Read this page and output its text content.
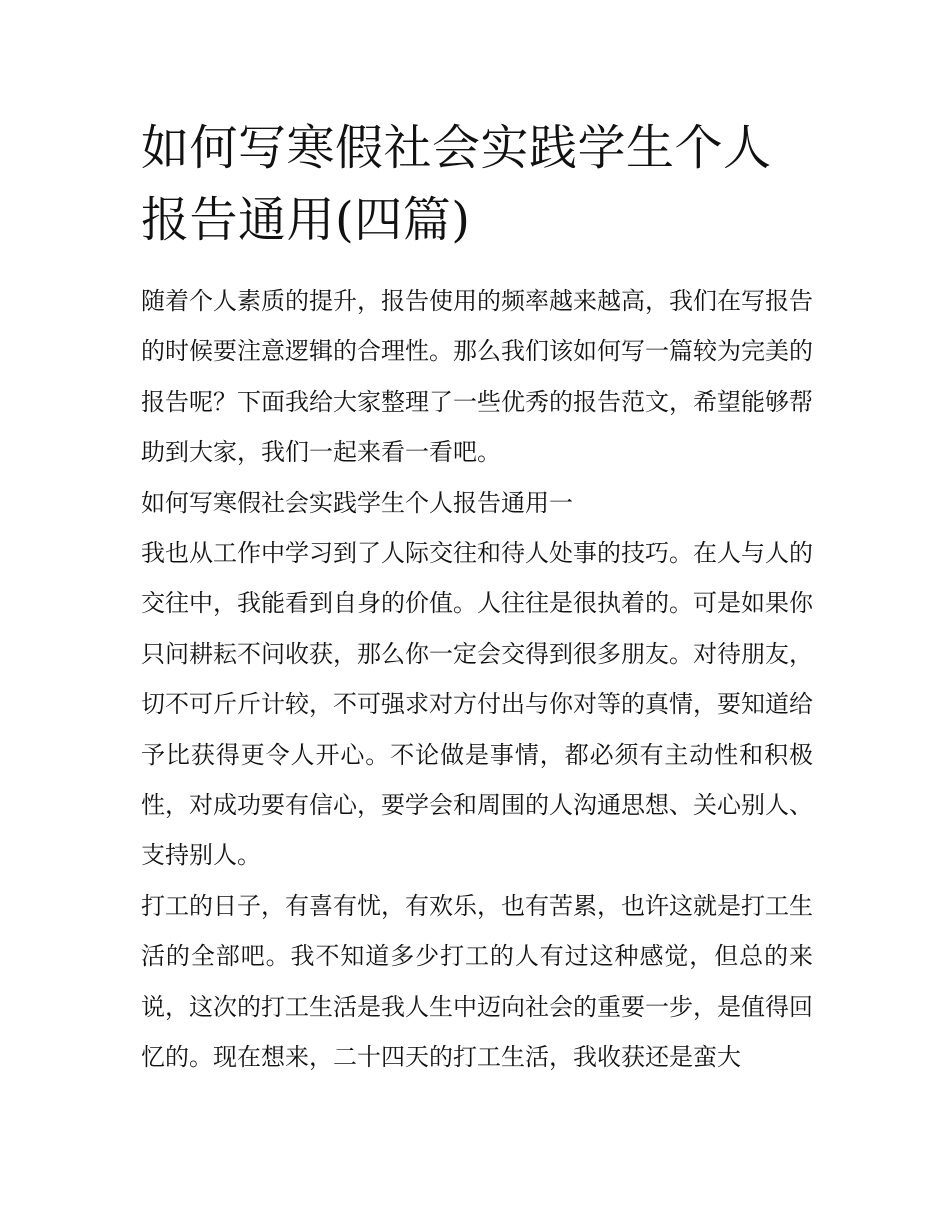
如何写寒假社会实践学生个人报告通用(四篇)

随着个人素质的提升，报告使用的频率越来越高，我们在写报告的时候要注意逻辑的合理性。那么我们该如何写一篇较为完美的报告呢？下面我给大家整理了一些优秀的报告范文，希望能够帮助到大家，我们一起来看一看吧。

如何写寒假社会实践学生个人报告通用一

我也从工作中学习到了人际交往和待人处事的技巧。在人与人的交往中，我能看到自身的价值。人往往是很执着的。可是如果你只问耕耘不问收获，那么你一定会交得到很多朋友。对待朋友，切不可斤斤计较，不可强求对方付出与你对等的真情，要知道给予比获得更令人开心。不论做是事情，都必须有主动性和积极性，对成功要有信心，要学会和周围的人沟通思想、关心别人、支持别人。

打工的日子，有喜有忧，有欢乐，也有苦累，也许这就是打工生活的全部吧。我不知道多少打工的人有过这种感觉，但总的来说，这次的打工生活是我人生中迈向社会的重要一步，是值得回忆的。现在想来，二十四天的打工生活，我收获还是蛮大
